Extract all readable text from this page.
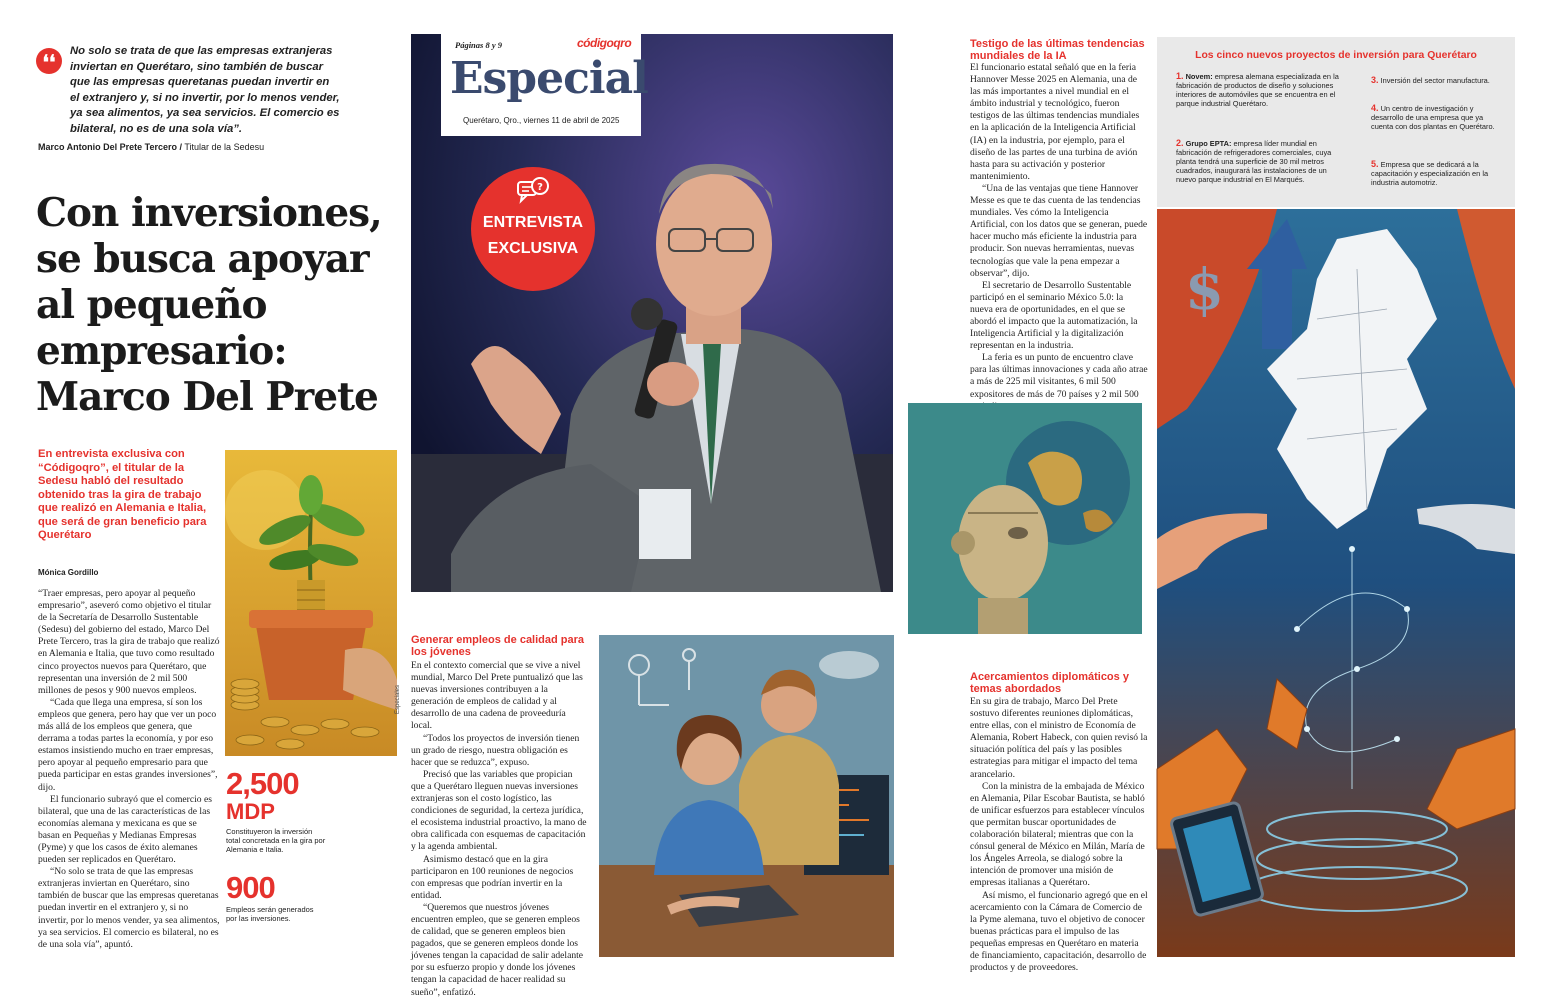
❛❛
No solo se trata de que las empresas extranjeras inviertan en Querétaro, sino también de buscar que las empresas queretanas puedan invertir en el extranjero y, si no invertir, por lo menos vender, ya sea alimentos, ya sea servicios. El comercio es bilateral, no es de una sola vía”.
Marco Antonio Del Prete Tercero / Titular de la Sedesu
Con inversiones,
se busca apoyar
al pequeño
empresario:
Marco Del Prete
En entrevista exclusiva con “Códigoqro”, el titular de la Sedesu habló del resultado obtenido tras la gira de trabajo que realizó en Alemania e Italia, que será de gran beneficio para Querétaro
Mónica Gordillo

“Traer empresas, pero apoyar al pequeño empresario”, aseveró como objetivo el titular de la Secretaría de Desarrollo Sustentable (Sedesu) del gobierno del estado, Marco Del Prete Tercero, tras la gira de trabajo que realizó en Alemania e Italia, que tuvo como resultado cinco proyectos nuevos para Querétaro, que representan una inversión de 2 mil 500 millones de pesos y 900 nuevos empleos.

“Cada que llega una empresa, sí son los empleos que genera, pero hay que ver un poco más allá de los empleos que genera, que derrama a todas partes la economía, y por eso estamos insistiendo mucho en traer empresas, pero apoyar al pequeño empresario para que pueda participar en estas grandes inversiones”, dijo.

El funcionario subrayó que el comercio es bilateral, que una de las características de las economías alemana y mexicana es que se basan en Pequeñas y Medianas Empresas (Pyme) y que los casos de éxito alemanes pueden ser replicados en Querétaro.

“No solo se trata de que las empresas extranjeras inviertan en Querétaro, sino también de buscar que las empresas queretanas puedan invertir en el extranjero y, si no invertir, por lo menos vender, ya sea alimentos, ya sea servicios. El comercio es bilateral, no es de una sola vía”, apuntó.

Especiales
2,500
MDP
Constituyeron la inversión total concretada en la gira por Alemania e Italia.
900
Empleos serán generados por las inversiones.
Páginas 8 y 9	códigoqro
Especial
Querétaro, Qro., viernes 11 de abril de 2025
?
ENTREVISTA
EXCLUSIVA
Generar empleos de calidad para los jóvenes

En el contexto comercial que se vive a nivel mundial, Marco Del Prete puntualizó que las nuevas inversiones contribuyen a la generación de empleos de calidad y al desarrollo de una cadena de proveeduría local.

“Todos los proyectos de inversión tienen un grado de riesgo, nuestra obligación es hacer que se reduzca”, expuso.

Precisó que las variables que propician que a Querétaro lleguen nuevas inversiones extranjeras son el costo logístico, las condiciones de seguridad, la certeza jurídica, el ecosistema industrial proactivo, la mano de obra calificada con esquemas de capacitación y la agenda ambiental.

Asimismo destacó que en la gira participaron en 100 reuniones de negocios con empresas que podrían invertir en la entidad.

“Queremos que nuestros jóvenes encuentren empleo, que se generen empleos de calidad, que se generen empleos bien pagados, que se generen empleos donde los jóvenes tengan la capacidad de salir adelante por su esfuerzo propio y donde los jóvenes tengan la capacidad de hacer realidad su sueño”, enfatizó.

Testigo de las últimas tendencias mundiales de la IA

El funcionario estatal señaló que en la feria Hannover Messe 2025 en Alemania, una de las más importantes a nivel mundial en el ámbito industrial y tecnológico, fueron testigos de las últimas tendencias mundiales en la aplicación de la Inteligencia Artificial (IA) en la industria, por ejemplo, para el diseño de las partes de una turbina de avión hasta para su activación y posterior mantenimiento.

“Una de las ventajas que tiene Hannover Messe es que te das cuenta de las tendencias mundiales. Ves cómo la Inteligencia Artificial, con los datos que se generan, puede hacer mucho más eficiente la industria para producir. Son nuevas herramientas, nuevas tecnologías que vale la pena empezar a observar”, dijo.

El secretario de Desarrollo Sustentable participó en el seminario México 5.0: la nueva era de oportunidades, en el que se abordó el impacto que la automatización, la Inteligencia Artificial y la digitalización representan en la industria.

La feria es un punto de encuentro clave para las últimas innovaciones y cada año atrae a más de 225 mil visitantes, 6 mil 500 expositores de más de 70 países y 2 mil 500

Acercamientos diplomáticos y temas abordados

En su gira de trabajo, Marco Del Prete sostuvo diferentes reuniones diplomáticas, entre ellas, con el ministro de Economía de Alemania, Robert Habeck, con quien revisó la situación política del país y las posibles estrategias para mitigar el impacto del tema arancelario.

Con la ministra de la embajada de México en Alemania, Pilar Escobar Bautista, se habló de unificar esfuerzos para establecer vínculos que permitan buscar oportunidades de colaboración bilateral; mientras que con la cónsul general de México en Milán, María de los Ángeles Arreola, se dialogó sobre la intención de promover una misión de empresas italianas a Querétaro.

Así mismo, el funcionario agregó que en el acercamiento con la Cámara de Comercio de la Pyme alemana, tuvo el objetivo de conocer buenas prácticas para el impulso de las pequeñas empresas en Querétaro en materia de financiamiento, capacitación, desarrollo de productos y de proveedores.

Los cinco nuevos proyectos de inversión para Querétaro
1. Novem: empresa alemana especializada en la fabricación de productos de diseño y soluciones interiores de automóviles que se encuentra en el parque industrial Querétaro.
2. Grupo EPTA: empresa líder mundial en fabricación de refrigeradores comerciales, cuya planta tendrá una superficie de 30 mil metros cuadrados, inaugurará las instalaciones de un nuevo parque industrial en El Marqués.
3. Inversión del sector manufactura.
4. Un centro de investigación y desarrollo de una empresa que ya cuenta con dos plantas en Querétaro.
5. Empresa que se dedicará a la capacitación y especialización en la industria automotriz.
$
